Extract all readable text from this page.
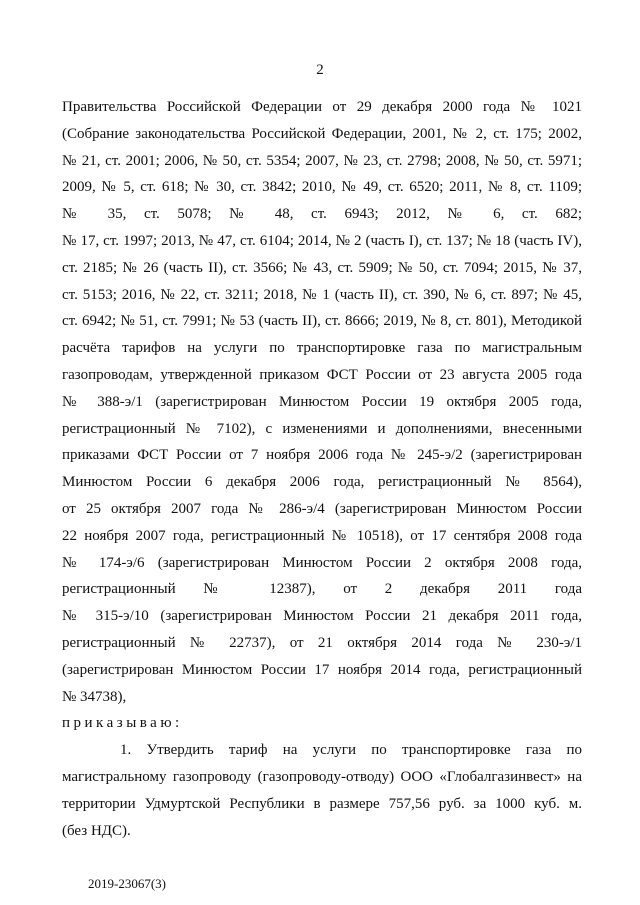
2
Правительства Российской Федерации от 29 декабря 2000 года № 1021
(Собрание законодательства Российской Федерации, 2001, № 2, ст. 175; 2002,
№ 21, ст. 2001; 2006, № 50, ст. 5354; 2007, № 23, ст. 2798; 2008, № 50, ст. 5971;
2009, № 5, ст. 618; № 30, ст. 3842; 2010, № 49, ст. 6520; 2011, № 8, ст. 1109;
№ 35, ст. 5078; № 48, ст. 6943; 2012, № 6, ст. 682;
№ 17, ст. 1997; 2013, № 47, ст. 6104; 2014, № 2 (часть I), ст. 137; № 18 (часть IV),
ст. 2185; № 26 (часть II), ст. 3566; № 43, ст. 5909; № 50, ст. 7094; 2015, № 37,
ст. 5153; 2016, № 22, ст. 3211; 2018, № 1 (часть II), ст. 390, № 6, ст. 897; № 45,
ст. 6942; № 51, ст. 7991; № 53 (часть II), ст. 8666; 2019, № 8, ст. 801), Методикой
расчёта тарифов на услуги по транспортировке газа по магистральным
газопроводам, утвержденной приказом ФСТ России от 23 августа 2005 года
№ 388-э/1 (зарегистрирован Минюстом России 19 октября 2005 года,
регистрационный № 7102), с изменениями и дополнениями, внесенными
приказами ФСТ России от 7 ноября 2006 года № 245-э/2 (зарегистрирован
Минюстом России 6 декабря 2006 года, регистрационный № 8564),
от 25 октября 2007 года № 286-э/4 (зарегистрирован Минюстом России
22 ноября 2007 года, регистрационный № 10518), от 17 сентября 2008 года
№ 174-э/6 (зарегистрирован Минюстом России 2 октября 2008 года,
регистрационный № 12387), от 2 декабря 2011 года
№ 315-э/10 (зарегистрирован Минюстом России 21 декабря 2011 года,
регистрационный № 22737), от 21 октября 2014 года № 230-э/1
(зарегистрирован Минюстом России 17 ноября 2014 года, регистрационный
№ 34738),
приказываю:
1. Утвердить тариф на услуги по транспортировке газа по
магистральному газопроводу (газопроводу-отводу) ООО «Глобалгазинвест» на
территории Удмуртской Республики в размере 757,56 руб. за 1000 куб. м.
(без НДС).
2019-23067(3)
